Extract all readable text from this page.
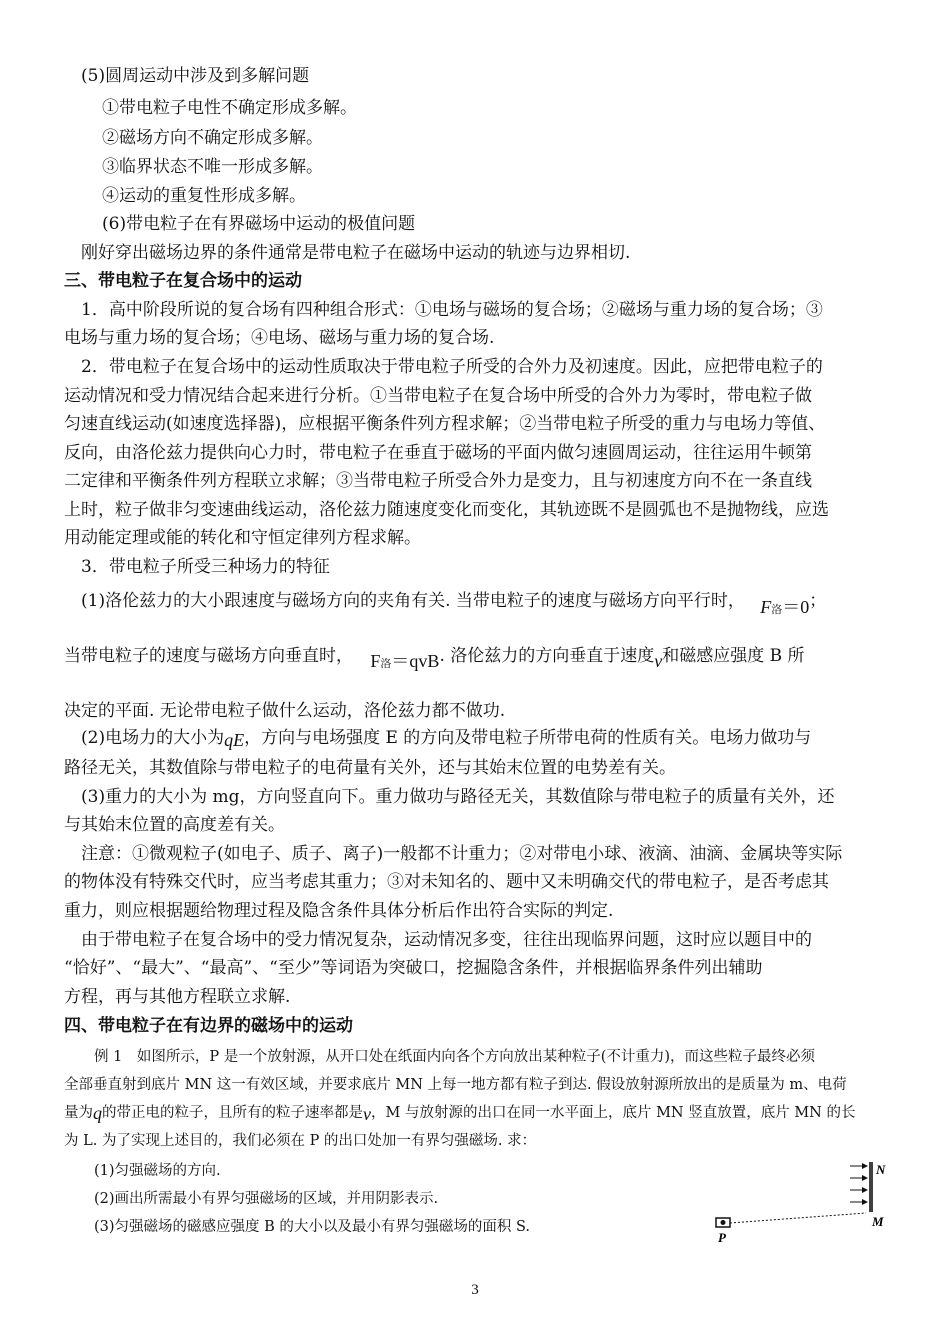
(5)圆周运动中涉及到多解问题
①带电粒子电性不确定形成多解。
②磁场方向不确定形成多解。
③临界状态不唯一形成多解。
④运动的重复性形成多解。
(6)带电粒子在有界磁场中运动的极值问题
刚好穿出磁场边界的条件通常是带电粒子在磁场中运动的轨迹与边界相切.
三、带电粒子在复合场中的运动
1．高中阶段所说的复合场有四种组合形式：①电场与磁场的复合场；②磁场与重力场的复合场；③
电场与重力场的复合场；④电场、磁场与重力场的复合场.
2．带电粒子在复合场中的运动性质取决于带电粒子所受的合外力及初速度。因此，应把带电粒子的
运动情况和受力情况结合起来进行分析。①当带电粒子在复合场中所受的合外力为零时，带电粒子做
匀速直线运动(如速度选择器)，应根据平衡条件列方程求解；②当带电粒子所受的重力与电场力等值、
反向，由洛伦兹力提供向心力时，带电粒子在垂直于磁场的平面内做匀速圆周运动，往往运用牛顿第
二定律和平衡条件列方程联立求解；③当带电粒子所受合外力是变力，且与初速度方向不在一条直线
上时，粒子做非匀变速曲线运动，洛伦兹力随速度变化而变化，其轨迹既不是圆弧也不是抛物线，应选
用动能定理或能的转化和守恒定律列方程求解。
3．带电粒子所受三种场力的特征
(1)洛伦兹力的大小跟速度与磁场方向的夹角有关. 当带电粒子的速度与磁场方向平行时， F洛＝0；
当带电粒子的速度与磁场方向垂直时， F洛＝qvB. 洛伦兹力的方向垂直于速度v和磁感应强度 B 所
决定的平面. 无论带电粒子做什么运动，洛伦兹力都不做功.
(2)电场力的大小为qE，方向与电场强度 E 的方向及带电粒子所带电荷的性质有关。电场力做功与
路径无关，其数值除与带电粒子的电荷量有关外，还与其始末位置的电势差有关。
(3)重力的大小为 mg，方向竖直向下。重力做功与路径无关，其数值除与带电粒子的质量有关外，还
与其始末位置的高度差有关。
注意：①微观粒子(如电子、质子、离子)一般都不计重力；②对带电小球、液滴、油滴、金属块等实际
的物体没有特殊交代时，应当考虑其重力；③对未知名的、题中又未明确交代的带电粒子，是否考虑其
重力，则应根据题给物理过程及隐含条件具体分析后作出符合实际的判定.
由于带电粒子在复合场中的受力情况复杂，运动情况多变，往往出现临界问题，这时应以题目中的
“恰好”、“最大”、“最高”、“至少”等词语为突破口，挖掘隐含条件，并根据临界条件列出辅助
方程，再与其他方程联立求解.
四、带电粒子在有边界的磁场中的运动
例 1　如图所示，P 是一个放射源，从开口处在纸面内向各个方向放出某种粒子(不计重力)，而这些粒子最终必须
全部垂直射到底片 MN 这一有效区域，并要求底片 MN 上每一地方都有粒子到达. 假设放射源所放出的是质量为 m、电荷
量为q的带正电的粒子，且所有的粒子速率都是v，M 与放射源的出口在同一水平面上，底片 MN 竖直放置，底片 MN 的长
为 L. 为了实现上述目的，我们必须在 P 的出口处加一有界匀强磁场. 求：
(1)匀强磁场的方向.
(2)画出所需最小有界匀强磁场的区域，并用阴影表示.
(3)匀强磁场的磁感应强度 B 的大小以及最小有界匀强磁场的面积 S.
N
M
P
3
